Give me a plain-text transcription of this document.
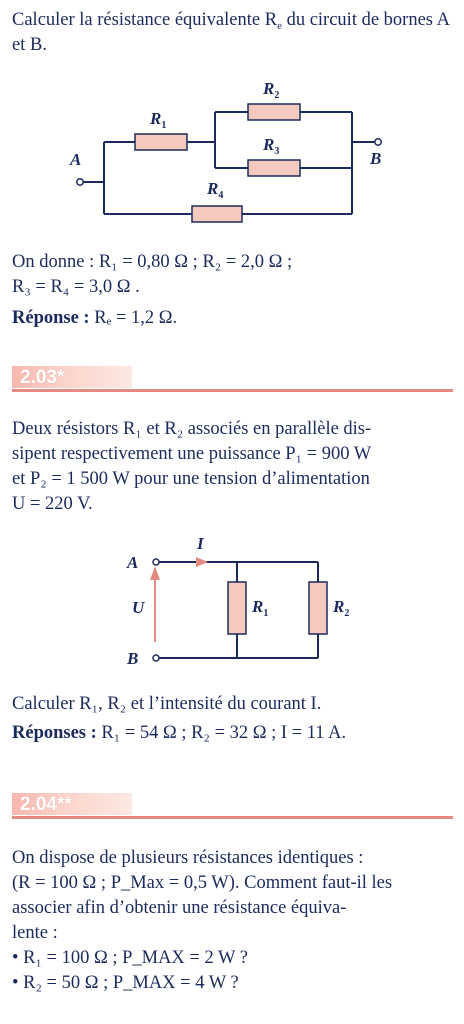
Calculer la résistance équivalente $R_e$ du circuit de bornes A et B.

A	B
$R_1$
$R_2$
$R_3$
$R_4$

On donne : R₁ = 0,80 Ω ; R₂ = 2,0 Ω ;

R₃ = R₄ = 3,0 Ω .

Réponse : Rₑ = 1,2 Ω.

2.03*

Deux résistors R₁ et R₂ associés en parallèle dis-

sipent respectivement une puissance P₁ = 900 W

et P₂ = 1 500 W pour une tension d’alimentation

U = 220 V.

A
B
I
U	$R_1$	$R_2$

Calculer R₁, R₂ et l’intensité du courant I.

Réponses : R₁ = 54 Ω ; R₂ = 32 Ω ; I = 11 A.

2.04**

On dispose de plusieurs résistances identiques :

(R = 100 Ω ; P_Max = 0,5 W). Comment faut-il les

associer afin d’obtenir une résistance équiva-

lente :

• R₁ = 100 Ω ; P_MAX = 2 W ?

• R₂ = 50 Ω ; P_MAX = 4 W ?
